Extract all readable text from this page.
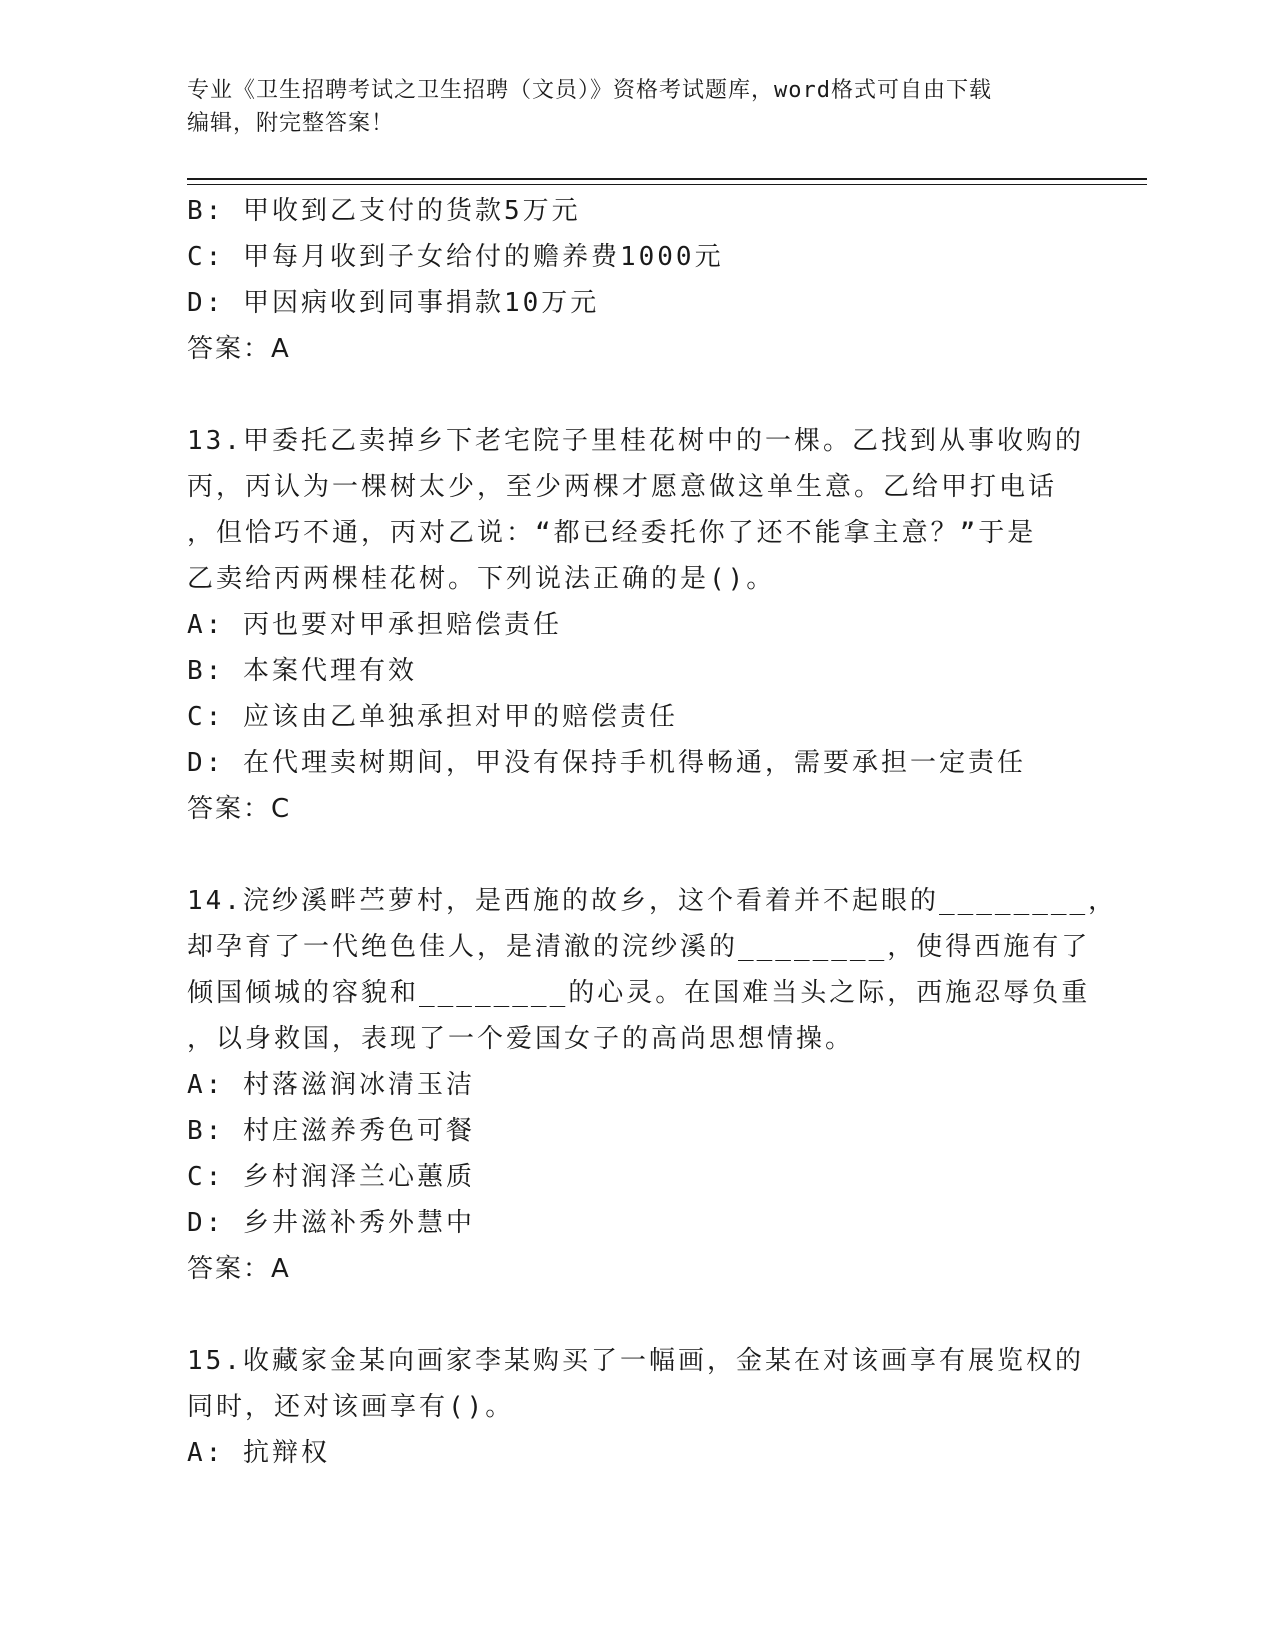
专业《卫生招聘考试之卫生招聘（文员）》资格考试题库，word格式可自由下载
编辑，附完整答案！
B: 甲收到乙支付的货款5万元
C: 甲每月收到子女给付的赡养费1000元
D: 甲因病收到同事捐款10万元
答案：A
13.甲委托乙卖掉乡下老宅院子里桂花树中的一棵。乙找到从事收购的
丙，丙认为一棵树太少，至少两棵才愿意做这单生意。乙给甲打电话
，但恰巧不通，丙对乙说：“都已经委托你了还不能拿主意？”于是
乙卖给丙两棵桂花树。下列说法正确的是()。
A: 丙也要对甲承担赔偿责任
B: 本案代理有效
C: 应该由乙单独承担对甲的赔偿责任
D: 在代理卖树期间，甲没有保持手机得畅通，需要承担一定责任
答案：C
14.浣纱溪畔苎萝村，是西施的故乡，这个看着并不起眼的________，
却孕育了一代绝色佳人，是清澈的浣纱溪的________，使得西施有了
倾国倾城的容貌和________的心灵。在国难当头之际，西施忍辱负重
，以身救国，表现了一个爱国女子的高尚思想情操。
A: 村落滋润冰清玉洁
B: 村庄滋养秀色可餐
C: 乡村润泽兰心蕙质
D: 乡井滋补秀外慧中
答案：A
15.收藏家金某向画家李某购买了一幅画，金某在对该画享有展览权的
同时，还对该画享有()。
A: 抗辩权
